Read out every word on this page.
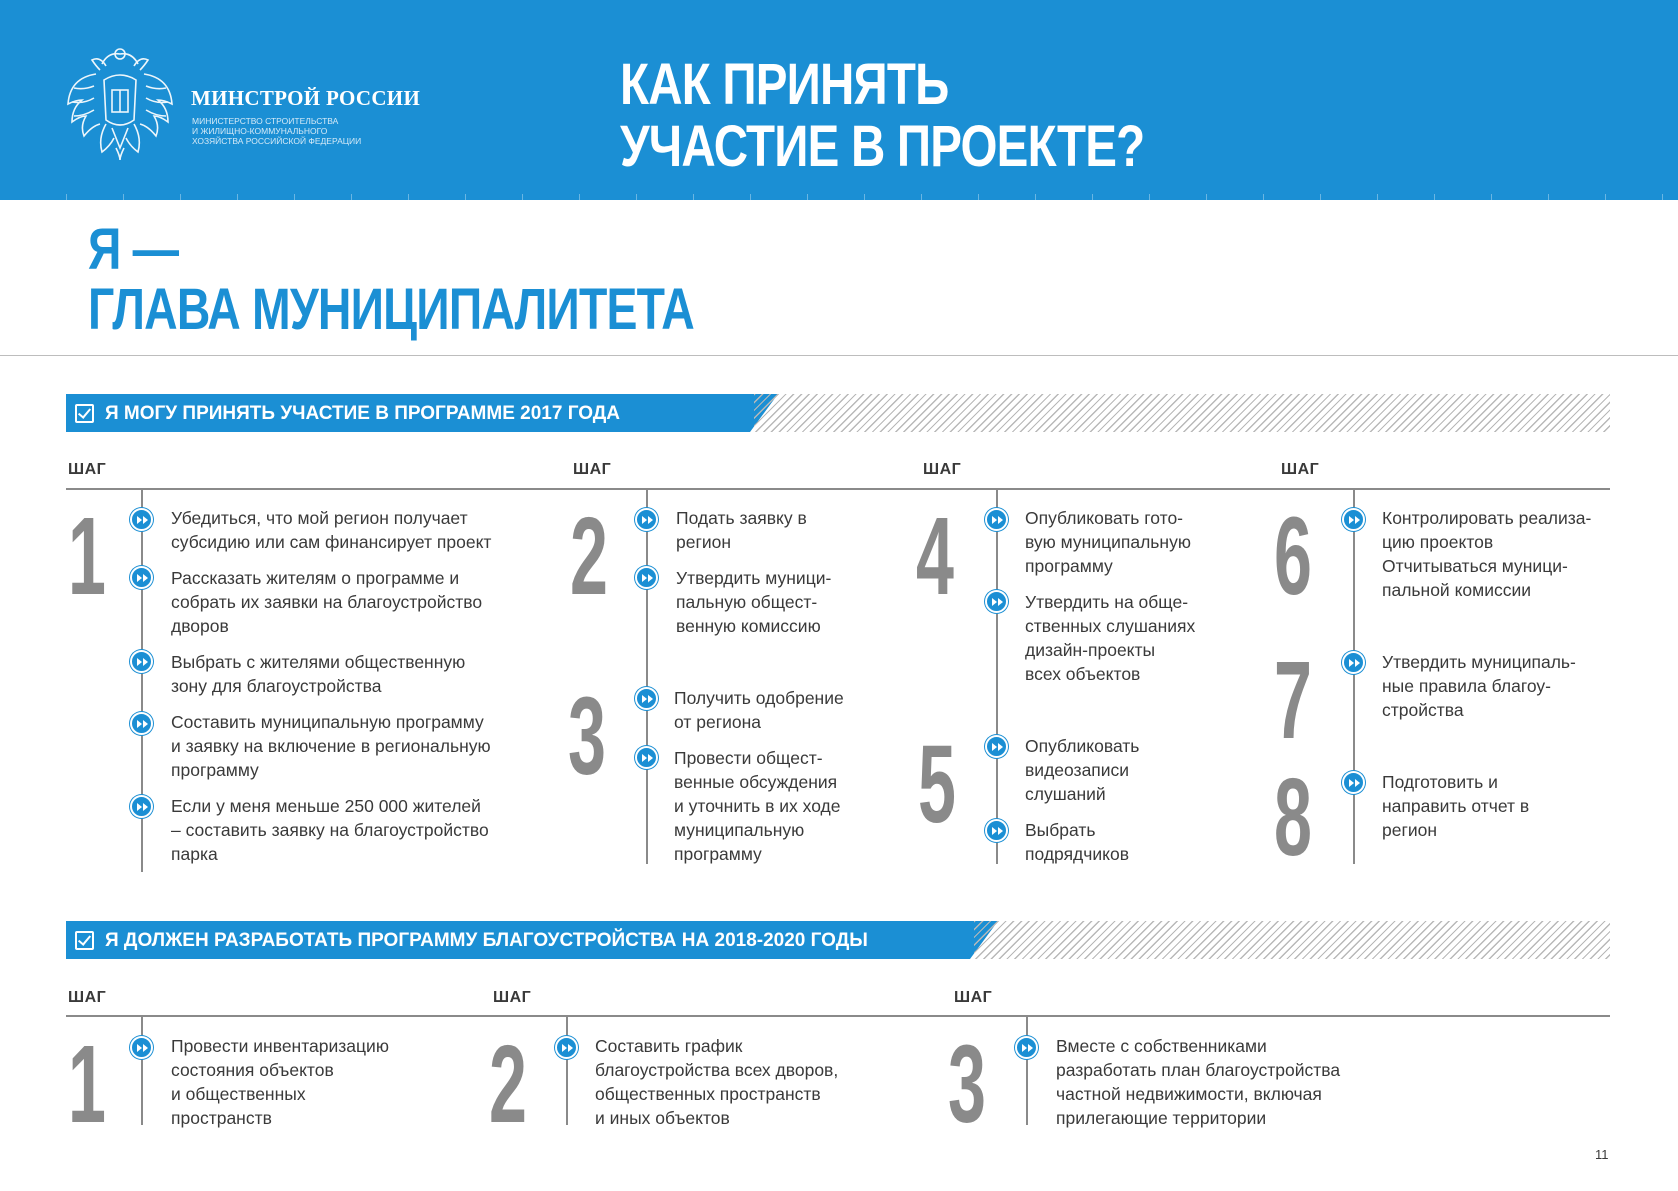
МИНСТРОЙ РОССИИ
МИНИСТЕРСТВО СТРОИТЕЛЬСТВА
И ЖИЛИЩНО-КОММУНАЛЬНОГО
ХОЗЯЙСТВА РОССИЙСКОЙ ФЕДЕРАЦИИ
КАК ПРИНЯТЬ
УЧАСТИЕ В ПРОЕКТЕ?
Я —
ГЛАВА МУНИЦИПАЛИТЕТА
Я МОГУ ПРИНЯТЬ УЧАСТИЕ В ПРОГРАММЕ 2017 ГОДА
ШАГ	ШАГ	ШАГ	ШАГ
1	Убедиться, что мой регион получает
субсидию или сам финансирует проект
Рассказать жителям о программе и
собрать их заявки на благоустройство
дворов
Выбрать с жителями общественную
зону для благоустройства
Составить муниципальную программу
и заявку на включение в региональную
программу
Если у меня меньше 250 000 жителей
– составить заявку на благоустройство
парка
2	Подать заявку в
регион
Утвердить муници-
пальную общест-
венную комиссию
3	Получить одобрение
от региона
Провести общест-
венные обсуждения
и уточнить в их ходе
муниципальную
программу
4	Опубликовать гото-
вую муниципальную
программу
Утвердить на обще-
ственных слушаниях
дизайн-проекты
всех объектов
5	Опубликовать
видеозаписи
слушаний
Выбрать
подрядчиков
6	Контролировать реализа-
цию проектов
Отчитываться муници-
пальной комиссии
7	Утвердить муниципаль-
ные правила благоу-
стройства
8	Подготовить и
направить отчет в
регион
Я ДОЛЖЕН РАЗРАБОТАТЬ ПРОГРАММУ БЛАГОУСТРОЙСТВА НА 2018-2020 ГОДЫ
ШАГ	ШАГ	ШАГ
1	Провести инвентаризацию
состояния объектов
и общественных
пространств	2	Составить график
благоустройства всех дворов,
общественных пространств
и иных объектов	3	Вместе с собственниками
разработать план благоустройства
частной недвижимости, включая
прилегающие территории
11
